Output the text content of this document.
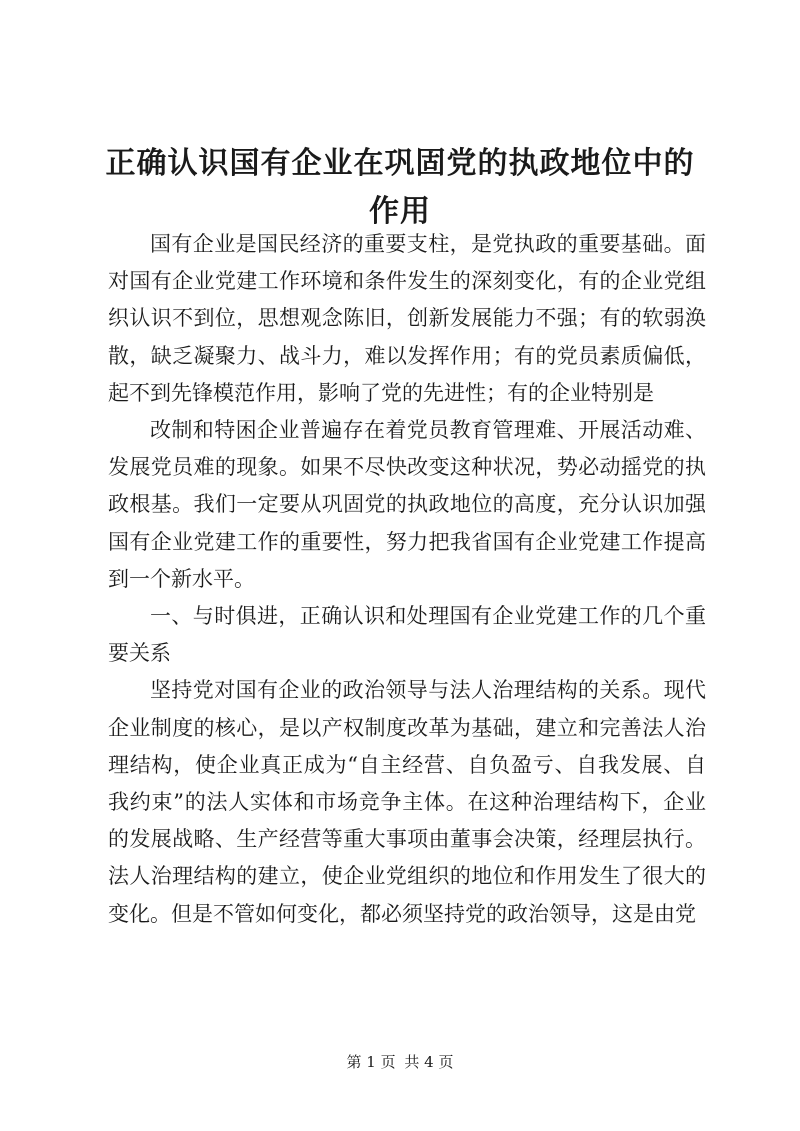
正确认识国有企业在巩固党的执政地位中的作用

国有企业是国民经济的重要支柱，是党执政的重要基础。面对国有企业党建工作环境和条件发生的深刻变化，有的企业党组织认识不到位，思想观念陈旧，创新发展能力不强；有的软弱涣散，缺乏凝聚力、战斗力，难以发挥作用；有的党员素质偏低，起不到先锋模范作用，影响了党的先进性；有的企业特别是

改制和特困企业普遍存在着党员教育管理难、开展活动难、发展党员难的现象。如果不尽快改变这种状况，势必动摇党的执政根基。我们一定要从巩固党的执政地位的高度，充分认识加强国有企业党建工作的重要性，努力把我省国有企业党建工作提高到一个新水平。

一、与时俱进，正确认识和处理国有企业党建工作的几个重要关系

坚持党对国有企业的政治领导与法人治理结构的关系。现代企业制度的核心，是以产权制度改革为基础，建立和完善法人治理结构，使企业真正成为“自主经营、自负盈亏、自我发展、自我约束”的法人实体和市场竞争主体。在这种治理结构下，企业的发展战略、生产经营等重大事项由董事会决策，经理层执行。法人治理结构的建立，使企业党组织的地位和作用发生了很大的变化。但是不管如何变化，都必须坚持党的政治领导，这是由党

第 1 页 共 4 页
